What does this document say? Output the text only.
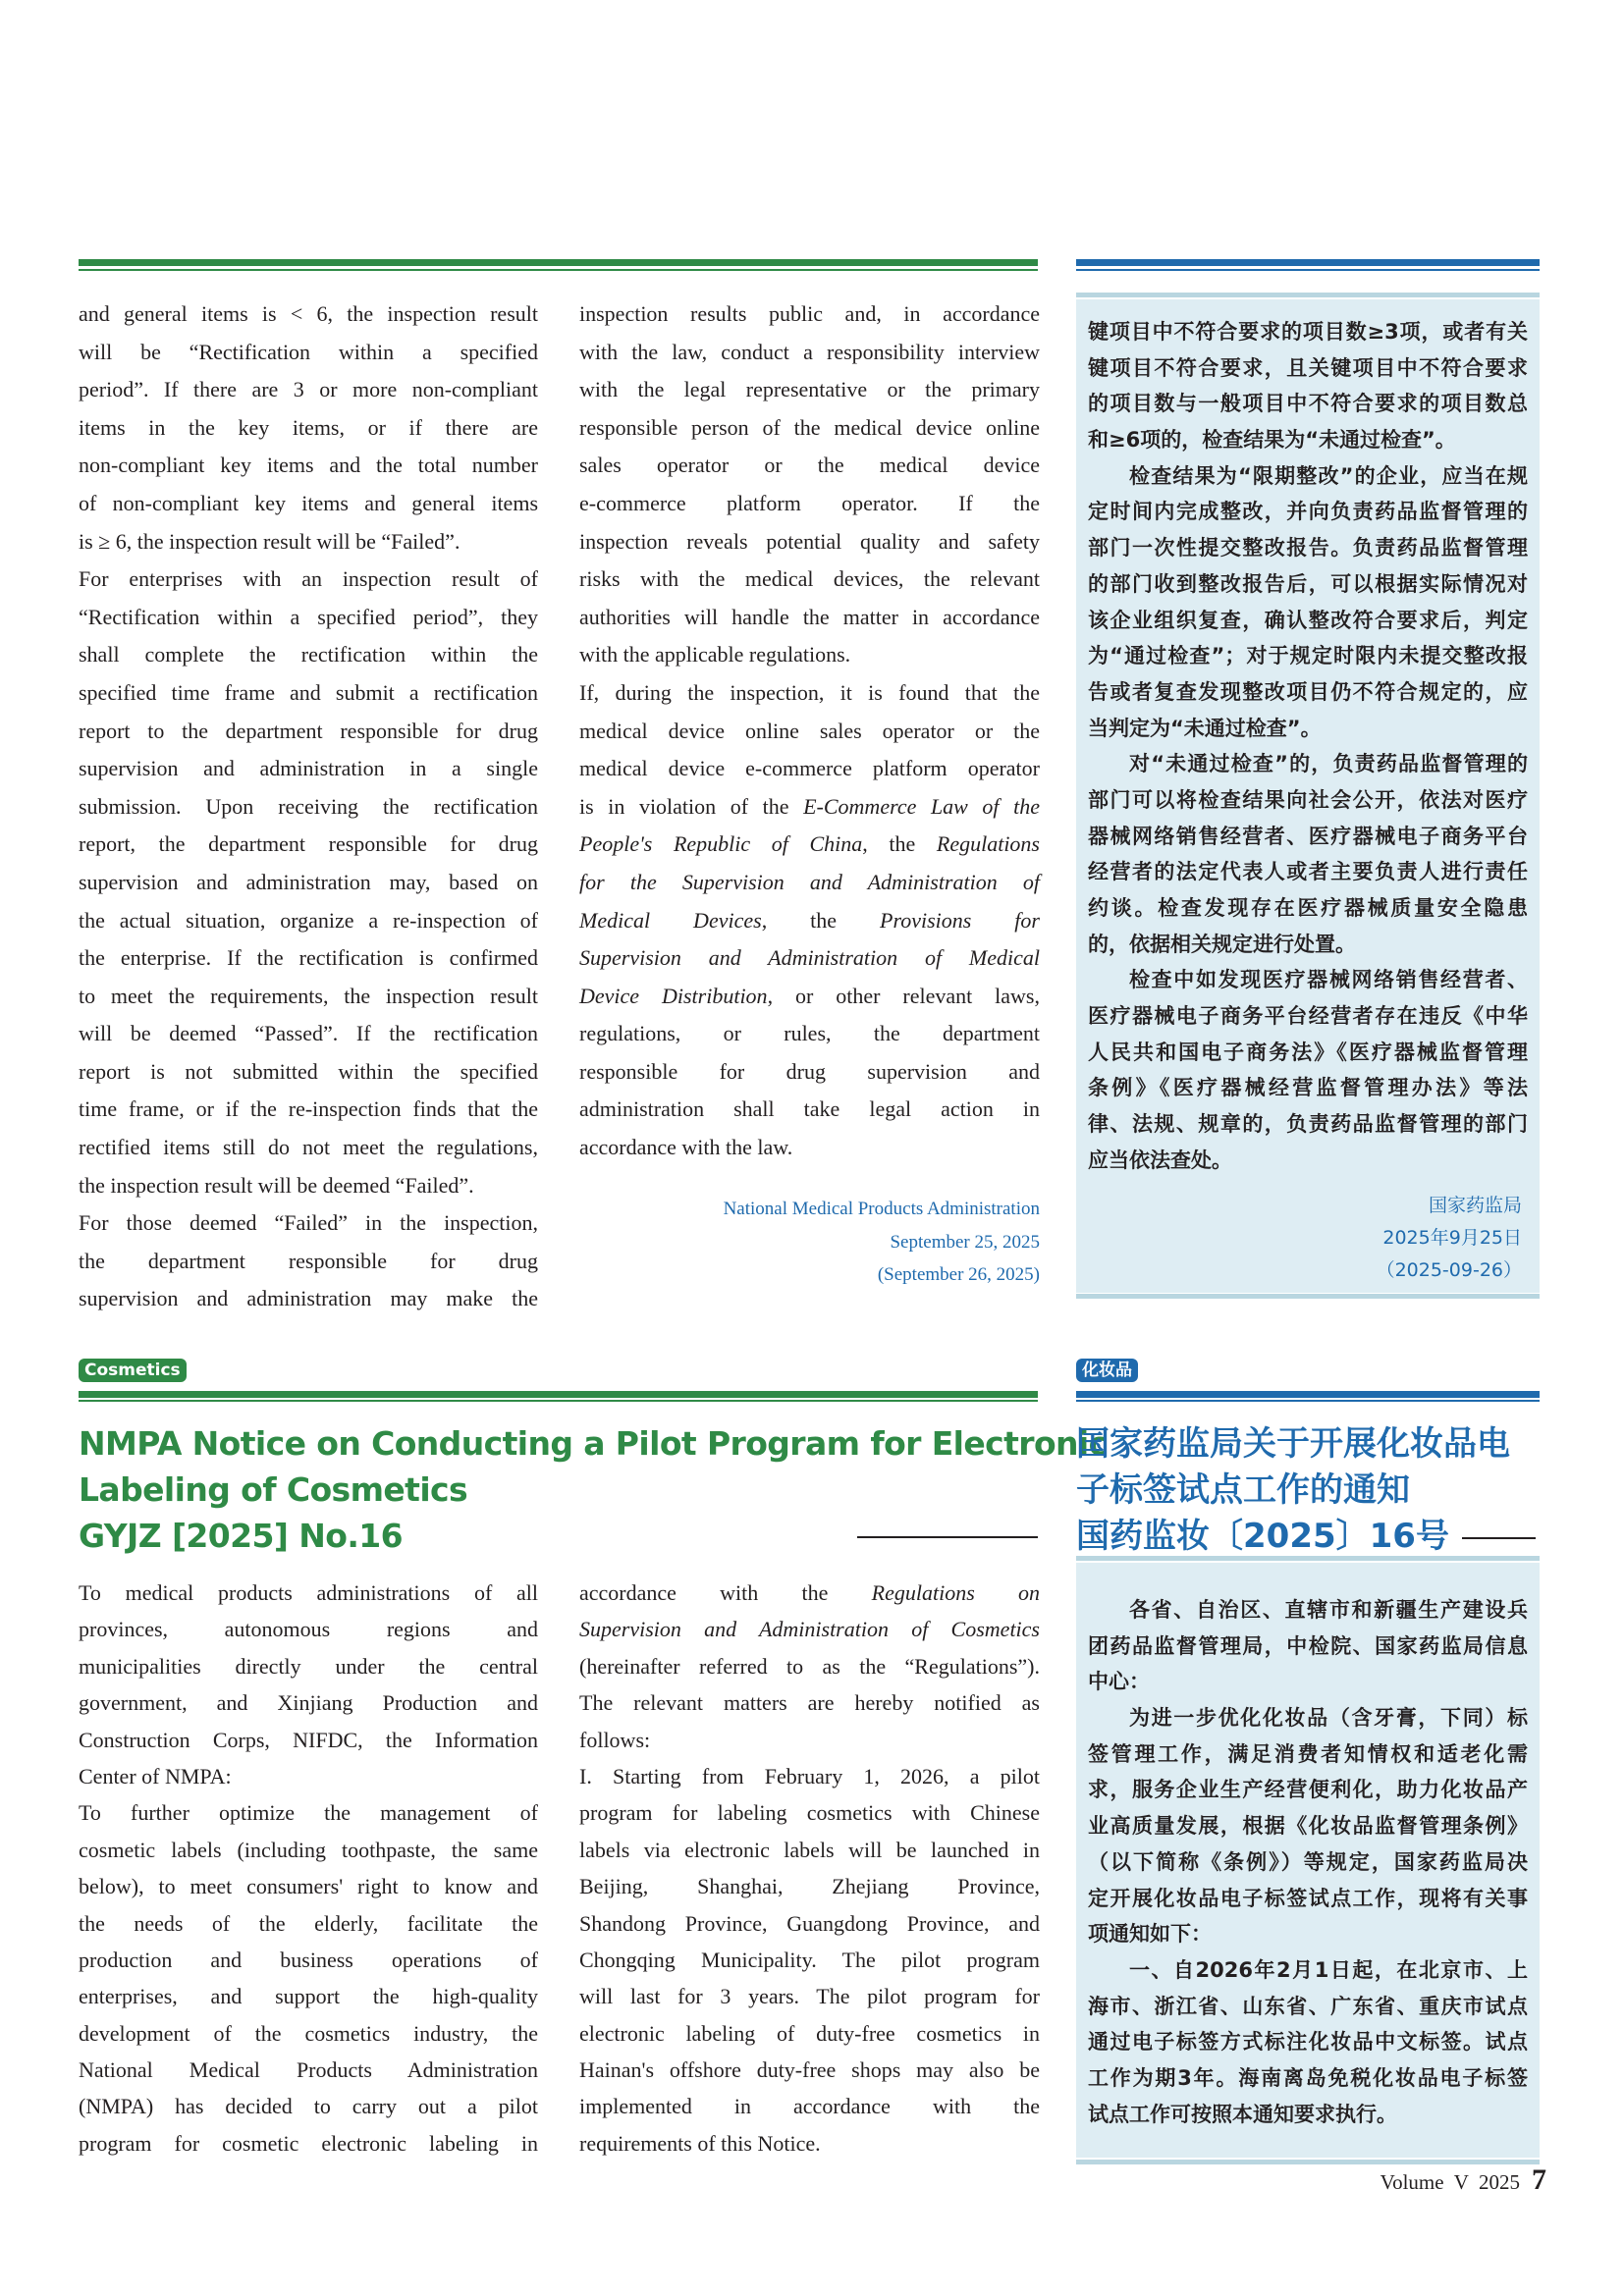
and general items is < 6, the inspection result
will be “Rectification within a specified
period”. If there are 3 or more non-compliant
items in the key items, or if there are
non-compliant key items and the total number
of non-compliant key items and general items
is ≥ 6, the inspection result will be “Failed”.
For enterprises with an inspection result of
“Rectification within a specified period”, they
shall complete the rectification within the
specified time frame and submit a rectification
report to the department responsible for drug
supervision and administration in a single
submission. Upon receiving the rectification
report, the department responsible for drug
supervision and administration may, based on
the actual situation, organize a re-inspection of
the enterprise. If the rectification is confirmed
to meet the requirements, the inspection result
will be deemed “Passed”. If the rectification
report is not submitted within the specified
time frame, or if the re-inspection finds that the
rectified items still do not meet the regulations,
the inspection result will be deemed “Failed”.
For those deemed “Failed” in the inspection,
the department responsible for drug
supervision and administration may make the
inspection results public and, in accordance
with the law, conduct a responsibility interview
with the legal representative or the primary
responsible person of the medical device online
sales operator or the medical device
e-commerce platform operator. If the
inspection reveals potential quality and safety
risks with the medical devices, the relevant
authorities will handle the matter in accordance
with the applicable regulations.
If, during the inspection, it is found that the
medical device online sales operator or the
medical device e-commerce platform operator
is in violation of the E-Commerce Law of the
People's Republic of China, the Regulations
for the Supervision and Administration of
Medical Devices, the Provisions for
Supervision and Administration of Medical
Device Distribution, or other relevant laws,
regulations, or rules, the department
responsible for drug supervision and
administration shall take legal action in
accordance with the law.
National Medical Products Administration
September 25, 2025
(September 26, 2025)
键项目中不符合要求的项目数≥3项，或者有关
键项目不符合要求，且关键项目中不符合要求
的项目数与一般项目中不符合要求的项目数总
和≥6项的，检查结果为“未通过检查”。
检查结果为“限期整改”的企业，应当在规
定时间内完成整改，并向负责药品监督管理的
部门一次性提交整改报告。负责药品监督管理
的部门收到整改报告后，可以根据实际情况对
该企业组织复查，确认整改符合要求后，判定
为“通过检查”；对于规定时限内未提交整改报
告或者复查发现整改项目仍不符合规定的，应
当判定为“未通过检查”。
对“未通过检查”的，负责药品监督管理的
部门可以将检查结果向社会公开，依法对医疗
器械网络销售经营者、医疗器械电子商务平台
经营者的法定代表人或者主要负责人进行责任
约谈。检查发现存在医疗器械质量安全隐患
的，依据相关规定进行处置。
检查中如发现医疗器械网络销售经营者、
医疗器械电子商务平台经营者存在违反《中华
人民共和国电子商务法》《医疗器械监督管理
条例》《医疗器械经营监督管理办法》等法
律、法规、规章的，负责药品监督管理的部门
应当依法查处。
国家药监局
2025年9月25日
（2025-09-26）
Cosmetics	化妆品
NMPA Notice on Conducting a Pilot Program for Electronic
Labeling of Cosmetics
GYJZ [2025] No.16
国家药监局关于开展化妆品电
子标签试点工作的通知
国药监妆〔2025〕16号
To medical products administrations of all
provinces, autonomous regions and
municipalities directly under the central
government, and Xinjiang Production and
Construction Corps, NIFDC, the Information
Center of NMPA:
To further optimize the management of
cosmetic labels (including toothpaste, the same
below), to meet consumers' right to know and
the needs of the elderly, facilitate the
production and business operations of
enterprises, and support the high-quality
development of the cosmetics industry, the
National Medical Products Administration
(NMPA) has decided to carry out a pilot
program for cosmetic electronic labeling in
accordance with the Regulations on
Supervision and Administration of Cosmetics
(hereinafter referred to as the “Regulations”).
The relevant matters are hereby notified as
follows:
I. Starting from February 1, 2026, a pilot
program for labeling cosmetics with Chinese
labels via electronic labels will be launched in
Beijing, Shanghai, Zhejiang Province,
Shandong Province, Guangdong Province, and
Chongqing Municipality. The pilot program
will last for 3 years. The pilot program for
electronic labeling of duty-free cosmetics in
Hainan's offshore duty-free shops may also be
implemented in accordance with the
requirements of this Notice.
各省、自治区、直辖市和新疆生产建设兵
团药品监督管理局，中检院、国家药监局信息
中心：
为进一步优化化妆品（含牙膏，下同）标
签管理工作，满足消费者知情权和适老化需
求，服务企业生产经营便利化，助力化妆品产
业高质量发展，根据《化妆品监督管理条例》
（以下简称《条例》）等规定，国家药监局决
定开展化妆品电子标签试点工作，现将有关事
项通知如下：
一、自2026年2月1日起，在北京市、上
海市、浙江省、山东省、广东省、重庆市试点
通过电子标签方式标注化妆品中文标签。试点
工作为期3年。海南离岛免税化妆品电子标签
试点工作可按照本通知要求执行。
Volume  V  2025 7
